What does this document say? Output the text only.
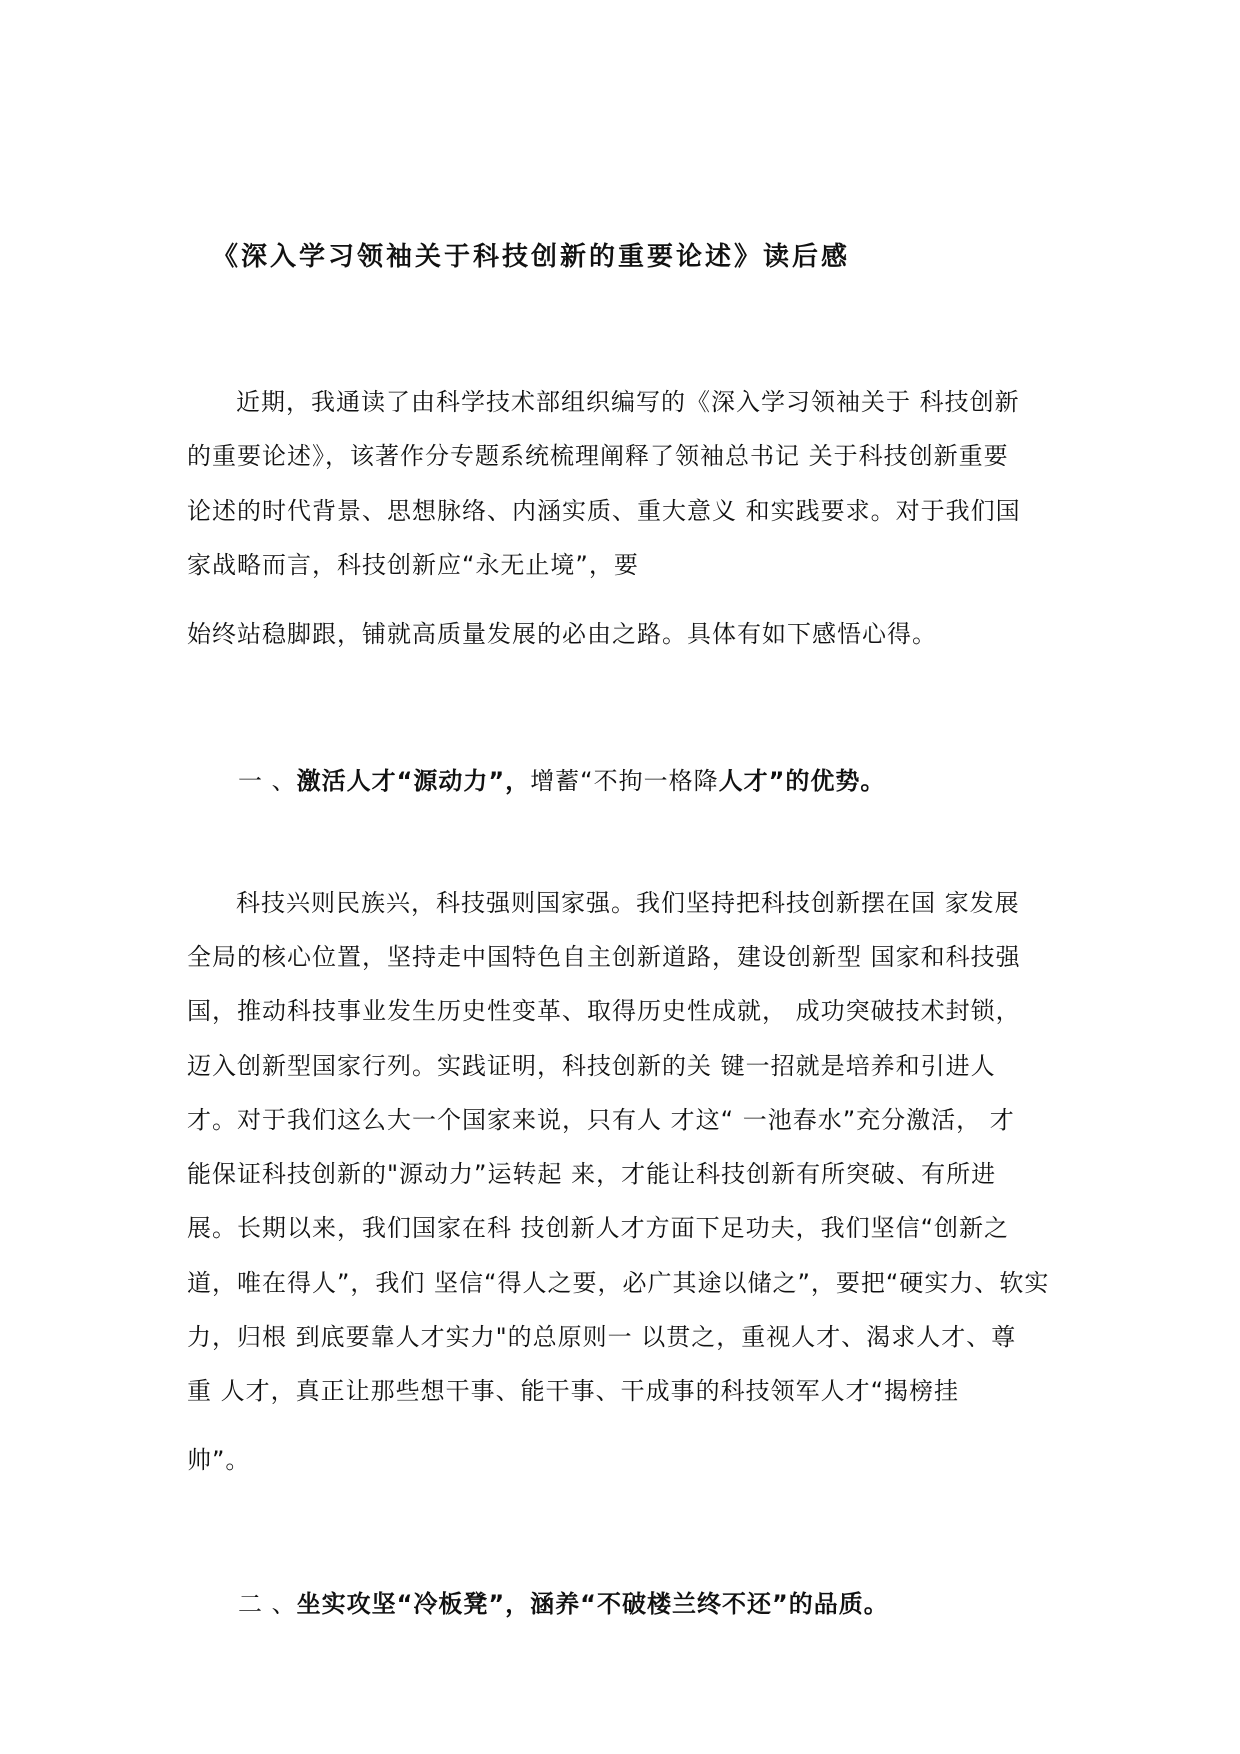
《深入学习领袖关于科技创新的重要论述》读后感
近期，我通读了由科学技术部组织编写的《深入学习领袖关于 科技创新
的重要论述》，该著作分专题系统梳理阐释了领袖总书记 关于科技创新重要
论述的时代背景、思想脉络、内涵实质、重大意义 和实践要求。对于我们国
家战略而言，科技创新应“永无止境”，要
始终站稳脚跟，铺就高质量发展的必由之路。具体有如下感悟心得。
一 、激活人才“源动力”，增蓄“不拘一格降人才”的优势。
科技兴则民族兴，科技强则国家强。我们坚持把科技创新摆在国 家发展
全局的核心位置，坚持走中国特色自主创新道路，建设创新型 国家和科技强
国，推动科技事业发生历史性变革、取得历史性成就， 成功突破技术封锁，
迈入创新型国家行列。实践证明，科技创新的关 键一招就是培养和引进人
才。对于我们这么大一个国家来说，只有人 才这“ 一池春水”充分激活， 才
能保证科技创新的"源动力”运转起 来，才能让科技创新有所突破、有所进
展。长期以来，我们国家在科 技创新人才方面下足功夫，我们坚信“创新之
道，唯在得人”，我们 坚信“得人之要，必广其途以储之”，要把“硬实力、软实
力，归根 到底要靠人才实力"的总原则一 以贯之，重视人才、渴求人才、尊
重 人才，真正让那些想干事、能干事、干成事的科技领军人才“揭榜挂
帅”。
二 、坐实攻坚“冷板凳”，涵养“不破楼兰终不还”的品质。
